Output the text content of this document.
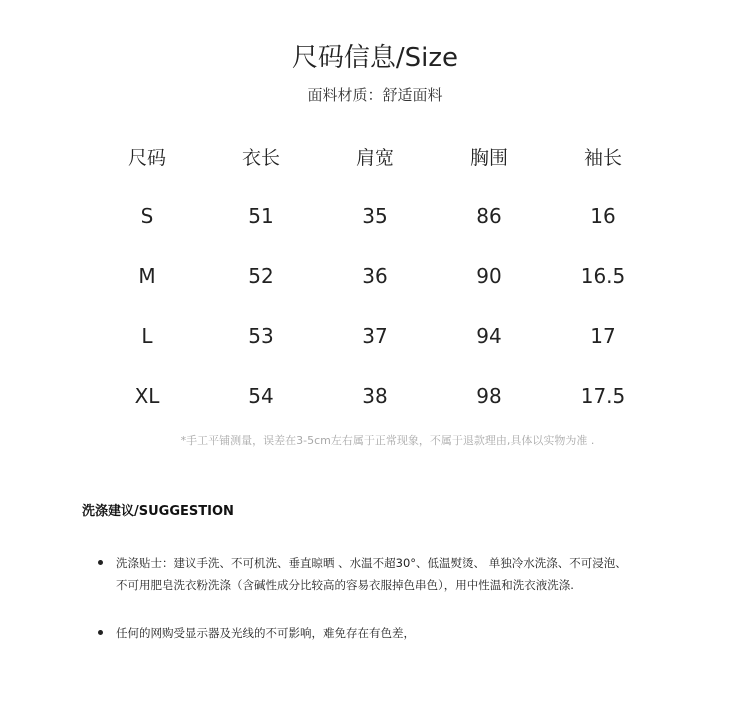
尺码信息/Size
面料材质：舒适面料
尺码	衣长	肩宽	胸围	袖长
S	51	35	86	16
M	52	36	90	16.5
L	53	37	94	17
XL	54	38	98	17.5
*手工平铺测量，误差在3-5cm左右属于正常现象，不属于退款理由,具体以实物为准 .
洗涤建议/SUGGESTION
洗涤贴士：建议手洗、不可机洗、垂直晾晒 、水温不超30°、低温熨烫、 单独冷水洗涤、不可浸泡、
不可用肥皂洗衣粉洗涤（含碱性成分比较高的容易衣服掉色串色），用中性温和洗衣液洗涤.
任何的网购受显示器及光线的不可影响，难免存在有色差，
